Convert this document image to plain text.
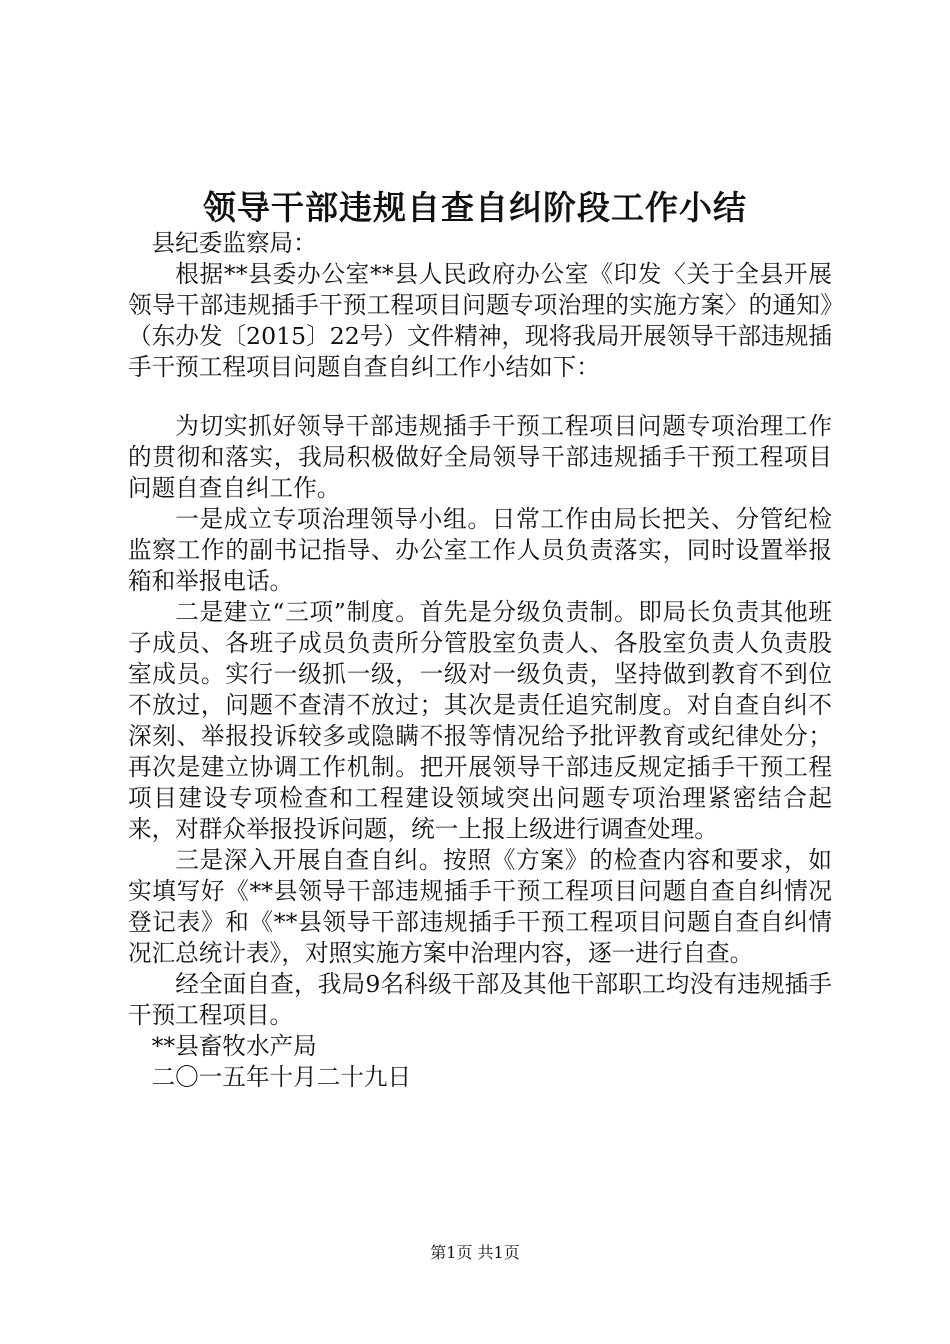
领导干部违规自查自纠阶段工作小结

县纪委监察局：

根据**县委办公室**县人民政府办公室《印发〈关于全县开展领导干部违规插手干预工程项目问题专项治理的实施方案〉的通知》（东办发〔2015〕22号）文件精神，现将我局开展领导干部违规插手干预工程项目问题自查自纠工作小结如下：

为切实抓好领导干部违规插手干预工程项目问题专项治理工作的贯彻和落实，我局积极做好全局领导干部违规插手干预工程项目问题自查自纠工作。

一是成立专项治理领导小组。日常工作由局长把关、分管纪检监察工作的副书记指导、办公室工作人员负责落实，同时设置举报箱和举报电话。

二是建立“三项”制度。首先是分级负责制。即局长负责其他班子成员、各班子成员负责所分管股室负责人、各股室负责人负责股室成员。实行一级抓一级，一级对一级负责，坚持做到教育不到位不放过，问题不查清不放过；其次是责任追究制度。对自查自纠不深刻、举报投诉较多或隐瞒不报等情况给予批评教育或纪律处分；再次是建立协调工作机制。把开展领导干部违反规定插手干预工程项目建设专项检查和工程建设领域突出问题专项治理紧密结合起来，对群众举报投诉问题，统一上报上级进行调查处理。

三是深入开展自查自纠。按照《方案》的检查内容和要求，如实填写好《**县领导干部违规插手干预工程项目问题自查自纠情况登记表》和《**县领导干部违规插手干预工程项目问题自查自纠情况汇总统计表》，对照实施方案中治理内容，逐一进行自查。

经全面自查，我局9名科级干部及其他干部职工均没有违规插手干预工程项目。

**县畜牧水产局

二〇一五年十月二十九日

第1页 共1页
